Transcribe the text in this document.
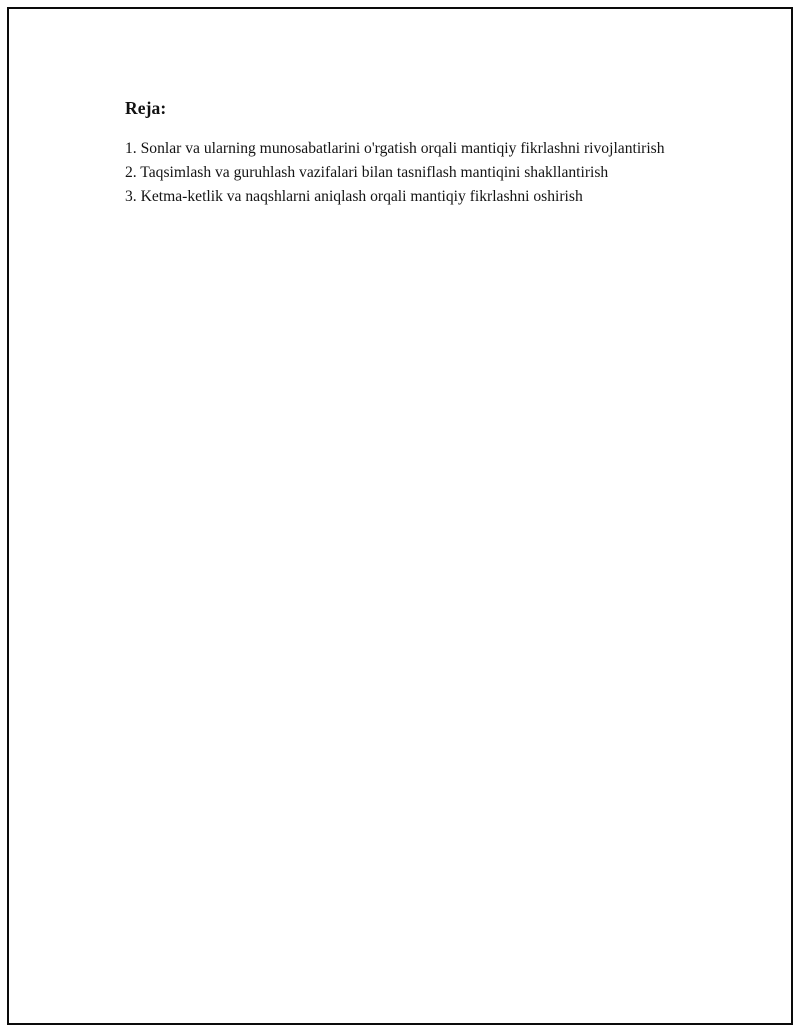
Reja:
1. Sonlar va ularning munosabatlarini o'rgatish orqali mantiqiy fikrlashni rivojlantirish
2. Taqsimlash va guruhlash vazifalari bilan tasniflash mantiqini shakllantirish
3. Ketma-ketlik va naqshlarni aniqlash orqali mantiqiy fikrlashni oshirish
